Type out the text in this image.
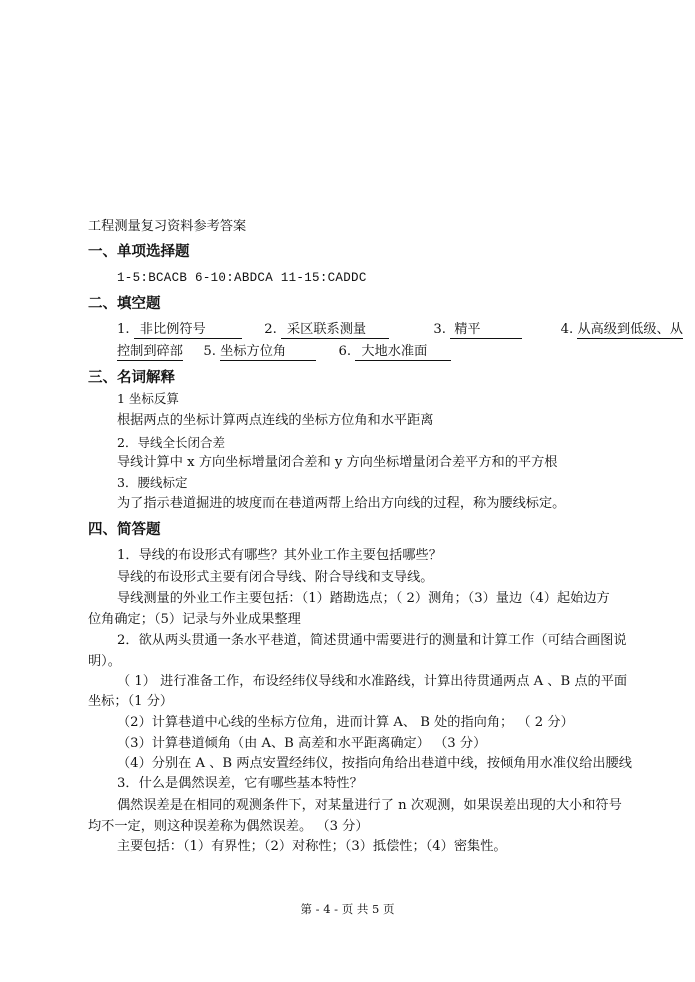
工程测量复习资料参考答案
一、单项选择题
1-5:BCACB 6-10:ABDCA 11-15:CADDC
二、填空题
1. 非比例符号	2. 采区联系测量	3. 精平	4. 从高级到低级、从
控制到碎部 5. 坐标方位角	6. 大地水准面
三、名词解释
1 坐标反算
根据两点的坐标计算两点连线的坐标方位角和水平距离
2．导线全长闭合差
导线计算中 x 方向坐标增量闭合差和 y 方向坐标增量闭合差平方和的平方根
3．腰线标定
为了指示巷道掘进的坡度而在巷道两帮上给出方向线的过程，称为腰线标定。
四、简答题
1．导线的布设形式有哪些？其外业工作主要包括哪些？
导线的布设形式主要有闭合导线、附合导线和支导线。
导线测量的外业工作主要包括：（1）踏勘选点；（ 2）测角；（3）量边（4）起始边方
位角确定；（5）记录与外业成果整理
2．欲从两头贯通一条水平巷道，简述贯通中需要进行的测量和计算工作（可结合画图说
明）。
（ 1） 进行准备工作，布设经纬仪导线和水准路线，计算出待贯通两点 A 、B 点的平面
坐标；（1 分）
（2）计算巷道中心线的坐标方位角，进而计算 A、 B 处的指向角； （ 2 分）
（3）计算巷道倾角（由 A、B 高差和水平距离确定） （3 分）
（4）分别在 A 、B 两点安置经纬仪，按指向角给出巷道中线，按倾角用水准仪给出腰线
3．什么是偶然误差，它有哪些基本特性？
偶然误差是在相同的观测条件下，对某量进行了 n 次观测，如果误差出现的大小和符号
均不一定，则这种误差称为偶然误差。 （3 分）
主要包括：（1）有界性；（2）对称性；（3）抵偿性；（4）密集性。
第 - 4 - 页 共 5 页
